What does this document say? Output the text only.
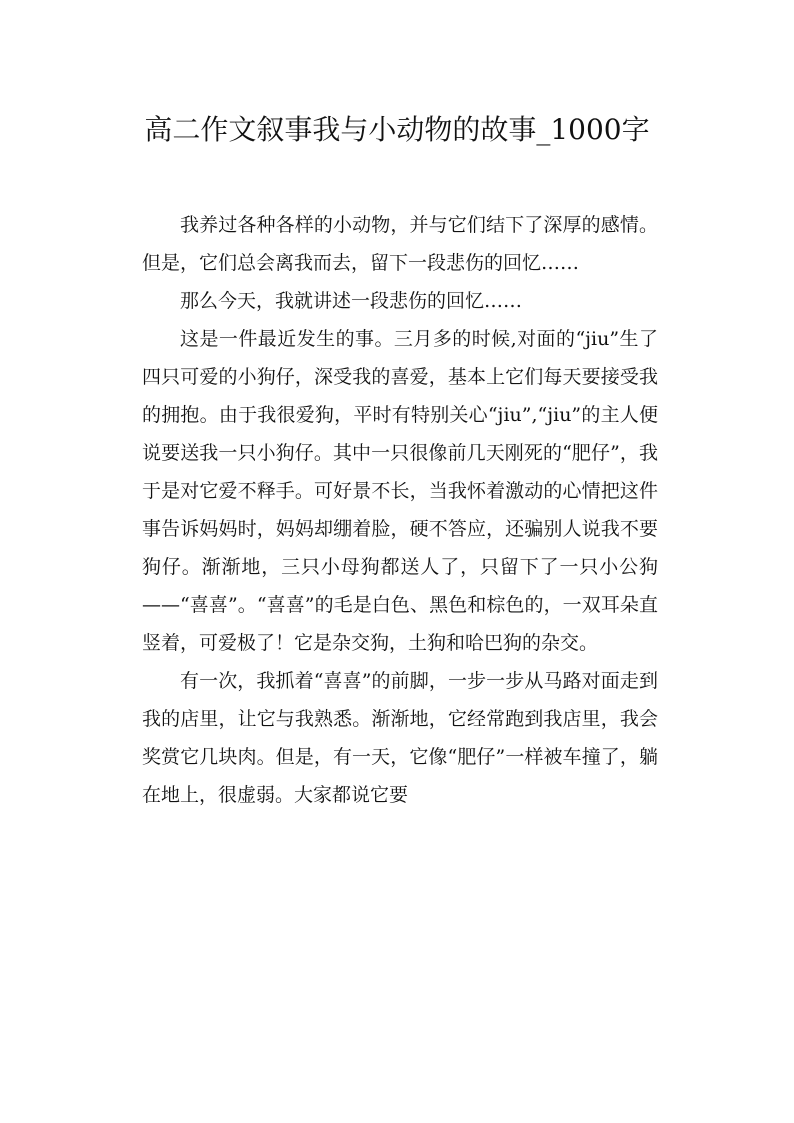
高二作文叙事我与小动物的故事_1000字

我养过各种各样的小动物，并与它们结下了深厚的感情。但是，它们总会离我而去，留下一段悲伤的回忆……

那么今天，我就讲述一段悲伤的回忆……

这是一件最近发生的事。三月多的时候,对面的“jiu”生了四只可爱的小狗仔，深受我的喜爱，基本上它们每天要接受我的拥抱。由于我很爱狗，平时有特别关心“jiu”,“jiu”的主人便说要送我一只小狗仔。其中一只很像前几天刚死的“肥仔”，我于是对它爱不释手。可好景不长，当我怀着激动的心情把这件事告诉妈妈时，妈妈却绷着脸，硬不答应，还骗别人说我不要狗仔。渐渐地，三只小母狗都送人了，只留下了一只小公狗——“喜喜”。“喜喜”的毛是白色、黑色和棕色的，一双耳朵直竖着，可爱极了！它是杂交狗，土狗和哈巴狗的杂交。

有一次，我抓着“喜喜”的前脚，一步一步从马路对面走到我的店里，让它与我熟悉。渐渐地，它经常跑到我店里，我会奖赏它几块肉。但是，有一天，它像“肥仔”一样被车撞了，躺在地上，很虚弱。大家都说它要
